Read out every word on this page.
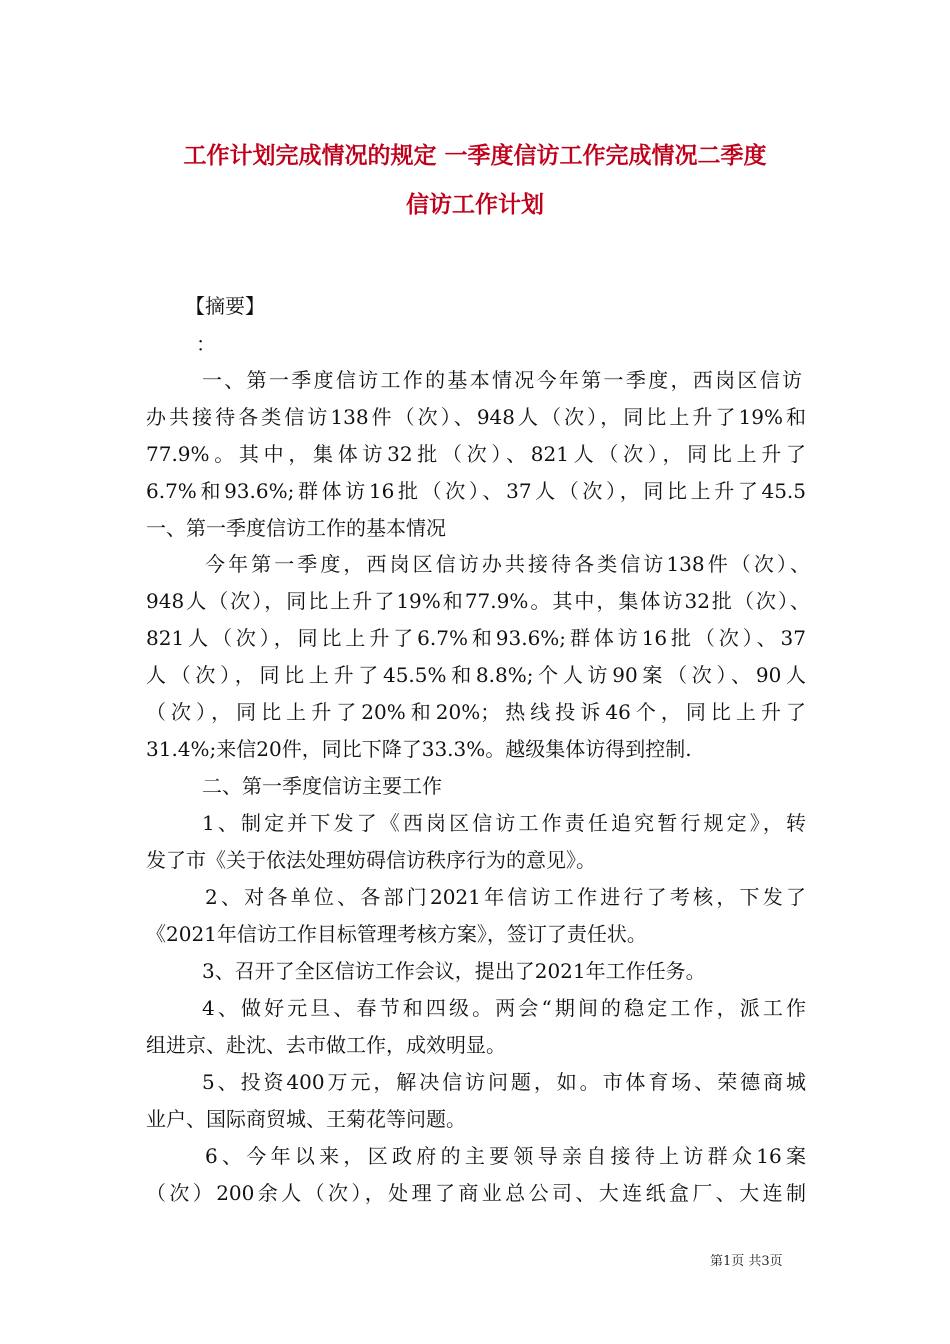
工作计划完成情况的规定 一季度信访工作完成情况二季度
信访工作计划
【摘要】
：
一、第一季度信访工作的基本情况今年第一季度，西岗区信访
办共接待各类信访138件（次）、948人（次），同比上升了19%和
77.9%。其中，集体访32批（次）、821人（次），同比上升了
6.7%和93.6%;群体访16批（次）、37人（次），同比上升了45.5
一、第一季度信访工作的基本情况
今年第一季度，西岗区信访办共接待各类信访138件（次）、
948人（次），同比上升了19%和77.9%。其中，集体访32批（次）、
821人（次），同比上升了6.7%和93.6%;群体访16批（次）、37
人（次），同比上升了45.5%和8.8%;个人访90案（次）、90人
（次），同比上升了20%和20%；热线投诉46个，同比上升了
31.4%;来信20件，同比下降了33.3%。越级集体访得到控制.
二、第一季度信访主要工作
1、制定并下发了《西岗区信访工作责任追究暂行规定》，转
发了市《关于依法处理妨碍信访秩序行为的意见》。
2、对各单位、各部门2021年信访工作进行了考核，下发了
《2021年信访工作目标管理考核方案》，签订了责任状。
3、召开了全区信访工作会议，提出了2021年工作任务。
4、做好元旦、春节和四级。两会“期间的稳定工作，派工作
组进京、赴沈、去市做工作，成效明显。
5、投资400万元，解决信访问题，如。市体育场、荣德商城
业户、国际商贸城、王菊花等问题。
6、今年以来，区政府的主要领导亲自接待上访群众16案
（次）200余人（次），处理了商业总公司、大连纸盒厂、大连制
第1页 共3页
